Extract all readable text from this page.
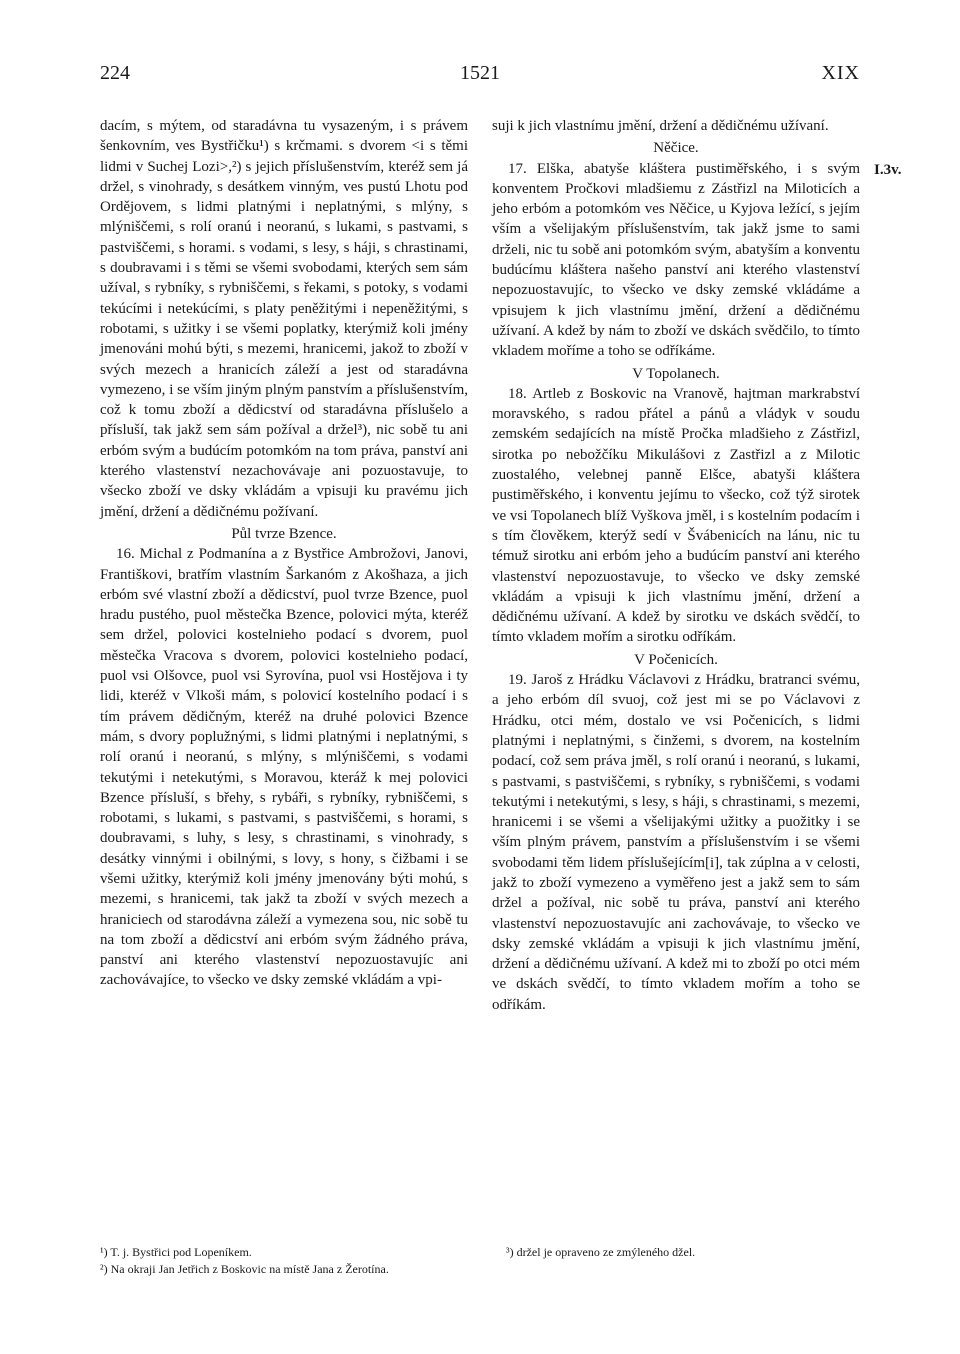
224	1521	XIX
I.3v.

dacím, s mýtem, od staradávna tu vysazeným, i s právem šenkovním, ves Bystřičku¹) s krčmami. s dvorem <i s těmi lidmi v Suchej Lozi>,²) s jejich příslušenstvím, kteréž sem já držel, s vinohrady, s desátkem vinným, ves pustú Lhotu pod Ordějovem, s lidmi platnými i neplatnými, s mlýny, s mlýniščemi, s rolí oranú i neoranú, s lukami, s pastvami, s pastviščemi, s horami. s vodami, s lesy, s háji, s chrastinami, s doubravami i s těmi se všemi svobodami, kterých sem sám užíval, s rybníky, s rybniščemi, s řekami, s potoky, s vodami tekúcími i netekúcími, s platy peněžitými i nepeněžitými, s robotami, s užitky i se všemi poplatky, kterýmiž koli jmény jmenováni mohú býti, s mezemi, hranicemi, jakož to zboží v svých mezech a hranicích záleží a jest od staradávna vymezeno, i se vším jiným plným panstvím a příslušenstvím, což k tomu zboží a dědicství od staradávna příslušelo a přísluší, tak jakž sem sám požíval a držel³), nic sobě tu ani erbóm svým a budúcím potomkóm na tom práva, panství ani kterého vlastenství nezachovávaje ani pozuostavuje, to všecko zboží ve dsky vkládám a vpisuji ku pravému jich jmění, držení a dědičnému požívaní.

Půl tvrze Bzence.

16. Michal z Podmanína a z Bystřice Ambrožovi, Janovi, Františkovi, bratřím vlastním Šarkanóm z Akošhaza, a jich erbóm své vlastní zboží a dědicství, puol tvrze Bzence, puol hradu pustého, puol městečka Bzence, polovici mýta, kteréž sem držel, polovici kostelnieho podací s dvorem, puol městečka Vracova s dvorem, polovici kostelnieho podací, puol vsi Olšovce, puol vsi Syrovína, puol vsi Hostějova i ty lidi, kteréž v Vlkoši mám, s polovicí kostelního podací i s tím právem dědičným, kteréž na druhé polovici Bzence mám, s dvory poplužnými, s lidmi platnými i neplatnými, s rolí oranú i neoranú, s mlýny, s mlýniščemi, s vodami tekutými i netekutými, s Moravou, kteráž k mej polovici Bzence přísluší, s břehy, s rybáři, s rybníky, rybniščemi, s robotami, s lukami, s pastvami, s pastviščemi, s horami, s doubravami, s luhy, s lesy, s chrastinami, s vinohrady, s desátky vinnými i obilnými, s lovy, s hony, s čižbami i se všemi užitky, kterýmiž koli jmény jmenovány býti mohú, s mezemi, s hranicemi, tak jakž ta zboží v svých mezech a hraniciech od starodávna záleží a vymezena sou, nic sobě tu na tom zboží a dědicství ani erbóm svým žádného práva, panství ani kterého vlastenství nepozuostavujíc ani zachovávajíce, to všecko ve dsky zemské vkládám a vpi-

suji k jich vlastnímu jmění, držení a dědičnému užívaní.

Něčice.

17. Elška, abatyše kláštera pustiměřského, i s svým konventem Pročkovi mladšiemu z Zástřizl na Miloticích a jeho erbóm a potomkóm ves Něčice, u Kyjova ležící, s jejím vším a všelijakým příslušenstvím, tak jakž jsme to sami drželi, nic tu sobě ani potomkóm svým, abatyším a konventu budúcímu kláštera našeho panství ani kterého vlastenství nepozuostavujíc, to všecko ve dsky zemské vkládáme a vpisujem k jich vlastnímu jmění, držení a dědičnému užívaní. A kdež by nám to zboží ve dskách svědčilo, to tímto vkladem moříme a toho se odříkáme.

V Topolanech.

18. Artleb z Boskovic na Vranově, hajtman markrabství moravského, s radou přátel a pánů a vládyk v soudu zemském sedajících na místě Pročka mladšieho z Zástřizl, sirotka po nebožčíku Mikulášovi z Zastřizl a z Milotic zuostalého, velebnej panně Elšce, abatyši kláštera pustiměřského, i konventu jejímu to všecko, což týž sirotek ve vsi Topolanech blíž Vyškova jměl, i s kostelním podacím i s tím člověkem, kterýž sedí v Švábenicích na lánu, nic tu témuž sirotku ani erbóm jeho a budúcím panství ani kterého vlastenství nepozuostavuje, to všecko ve dsky zemské vkládám a vpisuji k jich vlastnímu jmění, držení a dědičnému užívaní. A kdež by sirotku ve dskách svědčí, to tímto vkladem mořím a sirotku odříkám.

V Počenicích.

19. Jaroš z Hrádku Václavovi z Hrádku, bratranci svému, a jeho erbóm díl svuoj, což jest mi se po Václavovi z Hrádku, otci mém, dostalo ve vsi Počenicích, s lidmi platnými i neplatnými, s činžemi, s dvorem, na kostelním podací, což sem práva jměl, s rolí oranú i neoranú, s lukami, s pastvami, s pastviščemi, s rybníky, s rybniščemi, s vodami tekutými i netekutými, s lesy, s háji, s chrastinami, s mezemi, hranicemi i se všemi a všelijakými užitky a puožitky i se vším plným právem, panstvím a příslušenstvím i se všemi svobodami těm lidem příslušejícím[i], tak zúplna a v celosti, jakž to zboží vymezeno a vyměřeno jest a jakž sem to sám držel a požíval, nic sobě tu práva, panství ani kterého vlastenství nepozuostavujíc ani zachovávaje, to všecko ve dsky zemské vkládám a vpisuji k jich vlastnímu jmění, držení a dědičnému užívaní. A kdež mi to zboží po otci mém ve dskách svědčí, to tímto vkladem mořím a toho se odříkám.

¹) T. j. Bystřici pod Lopeníkem.

²) Na okraji Jan Jetřich z Boskovic na místě Jana z Žerotína.

³) držel je opraveno ze zmýleného džel.
